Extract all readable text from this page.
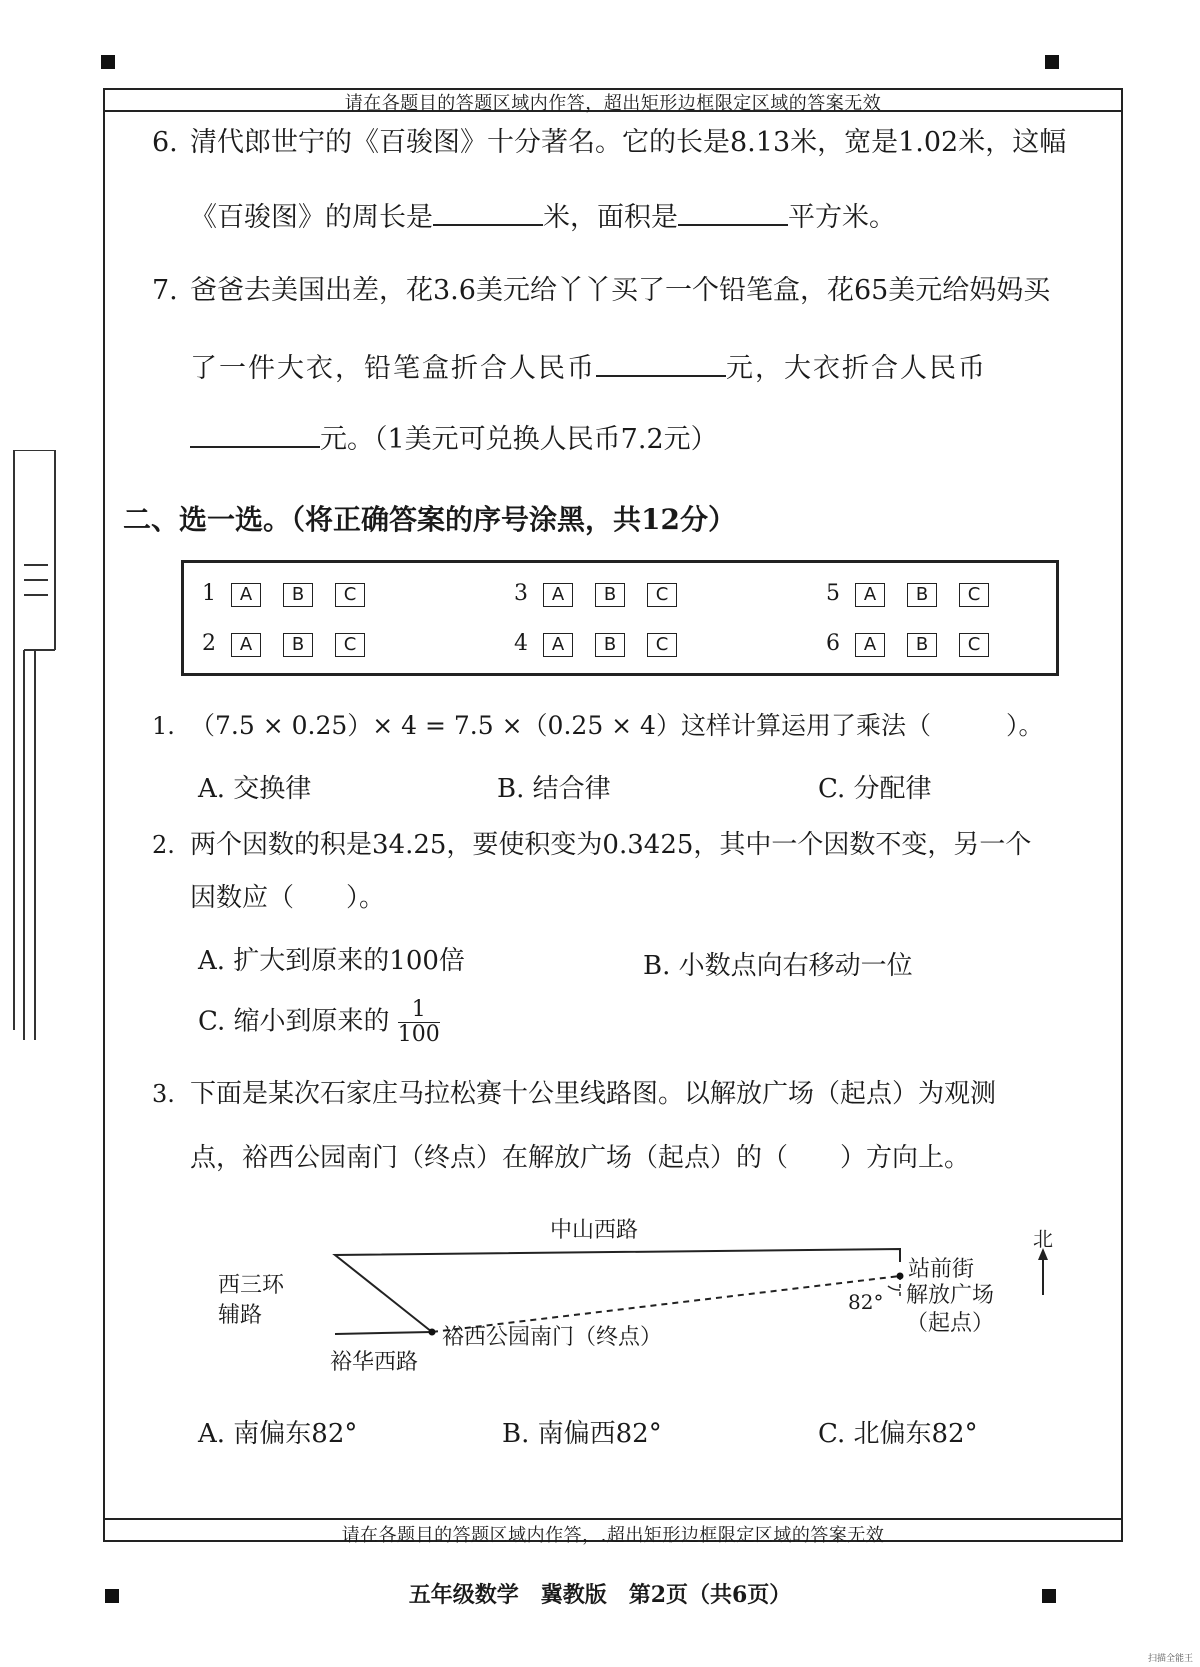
请在各题目的答题区域内作答，超出矩形边框限定区域的答案无效
请在各题目的答题区域内作答，.超出矩形边框限定区域的答案无效
6. 清代郎世宁的《百骏图》十分著名。它的长是8.13米，宽是1.02米，这幅
《百骏图》的周长是	米，面积是	平方米。
7. 爸爸去美国出差，花3.6美元给丫丫买了一个铅笔盒，花65美元给妈妈买
了一件大衣，铅笔盒折合人民币	元，大衣折合人民币
元。（1美元可兑换人民币7.2元）
二、选一选。（将正确答案的序号涂黑，共12分）
1 A B C	3 A B C	5 A B C
2 A B C	4 A B C	6 A B C
1. （7.5 × 0.25）× 4 = 7.5 ×（0.25 × 4）这样计算运用了乘法（　　　）。
A. 交换律	B. 结合律	C. 分配律
2. 两个因数的积是34.25，要使积变为0.3425，其中一个因数不变，另一个
因数应（　　）。
A. 扩大到原来的100倍	B. 小数点向右移动一位
C. 缩小到原来的 $\frac{1}{100}$
3. 下面是某次石家庄马拉松赛十公里线路图。以解放广场（起点）为观测
点，裕西公园南门（终点）在解放广场（起点）的（　　）方向上。
北
中山西路
西三环
辅路
裕华西路
裕西公园南门（终点）
站前街
解放广场
（起点）
82°
A. 南偏东82°	B. 南偏西82°	C. 北偏东82°
五年级数学　冀教版　第2页（共6页）
扫描全能王
